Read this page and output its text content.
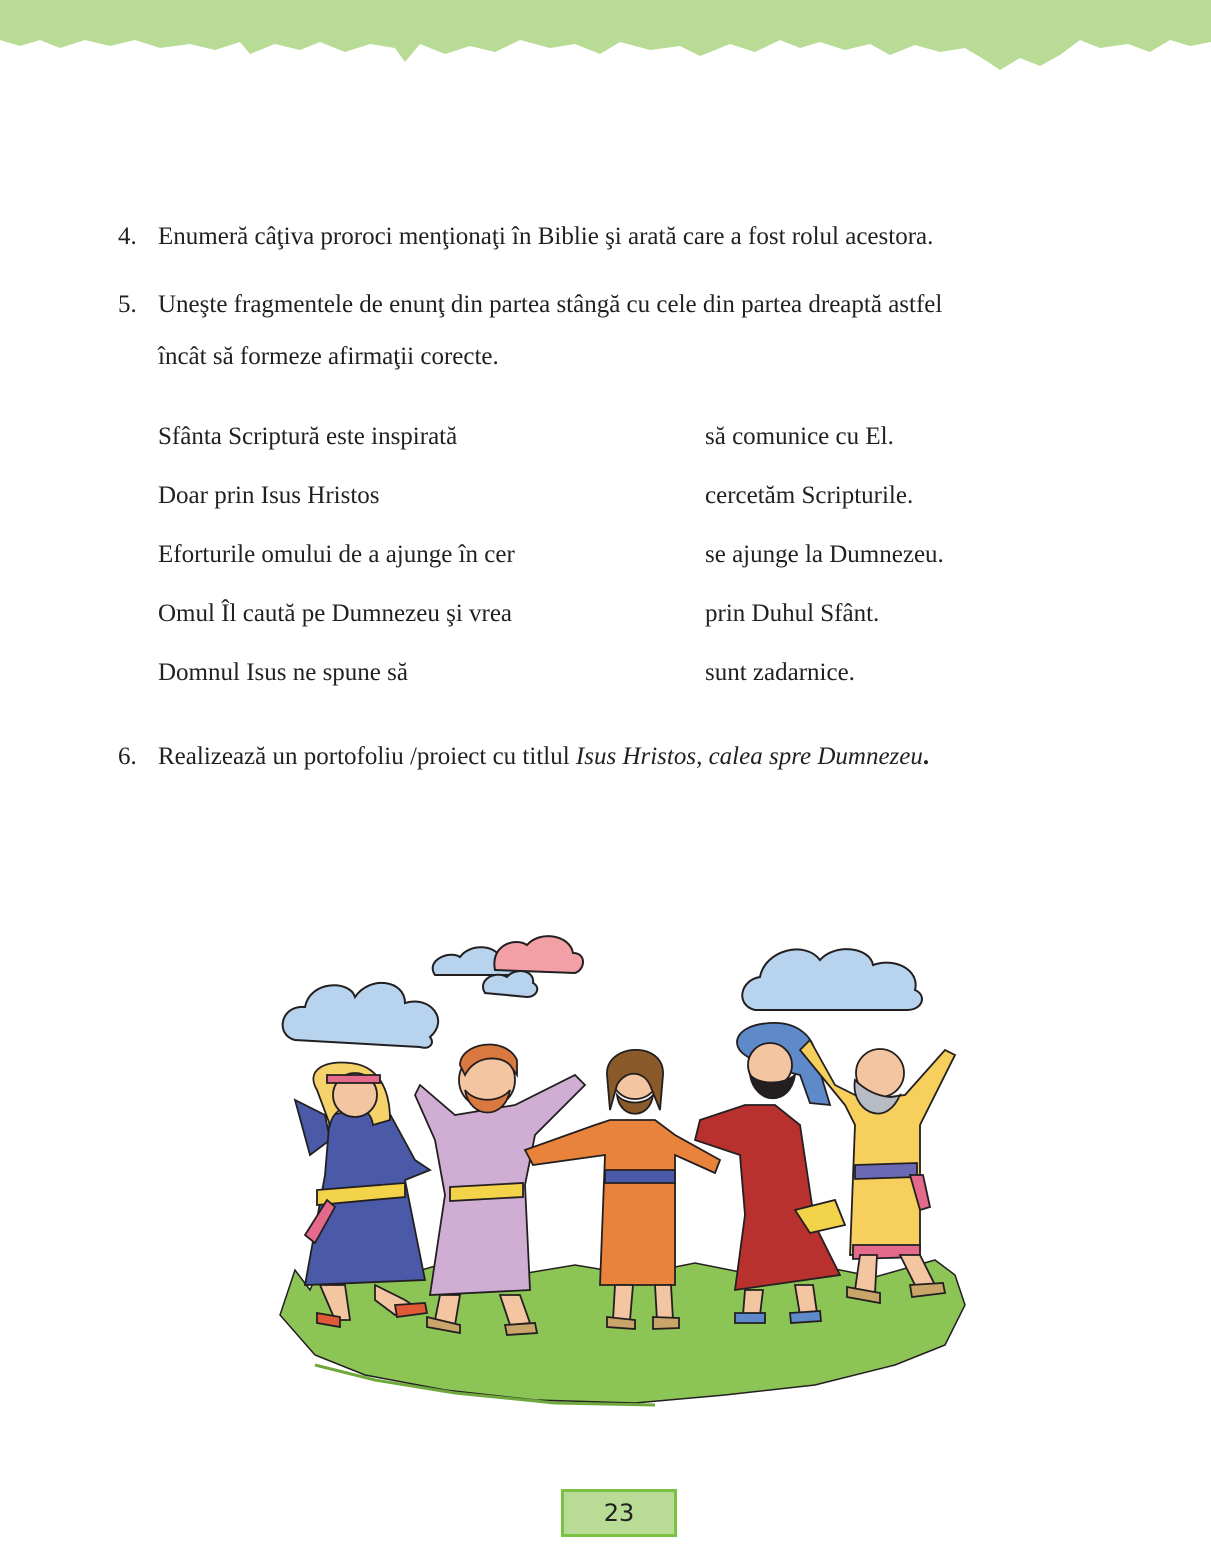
4. Enumeră câţiva proroci menţionaţi în Biblie şi arată care a fost rolul acestora.
5. Uneşte fragmentele de enunţ din partea stângă cu cele din partea dreaptă astfel
încât să formeze afirmaţii corecte.
Sfânta Scriptură este inspirată
Doar prin Isus Hristos
Eforturile omului de a ajunge în cer
Omul Îl caută pe Dumnezeu şi vrea
Domnul Isus ne spune să
să comunice cu El.
cercetăm Scripturile.
se ajunge la Dumnezeu.
prin Duhul Sfânt.
sunt zadarnice.
6. Realizează un portofoliu /proiect cu titlul Isus Hristos, calea spre Dumnezeu.
23
